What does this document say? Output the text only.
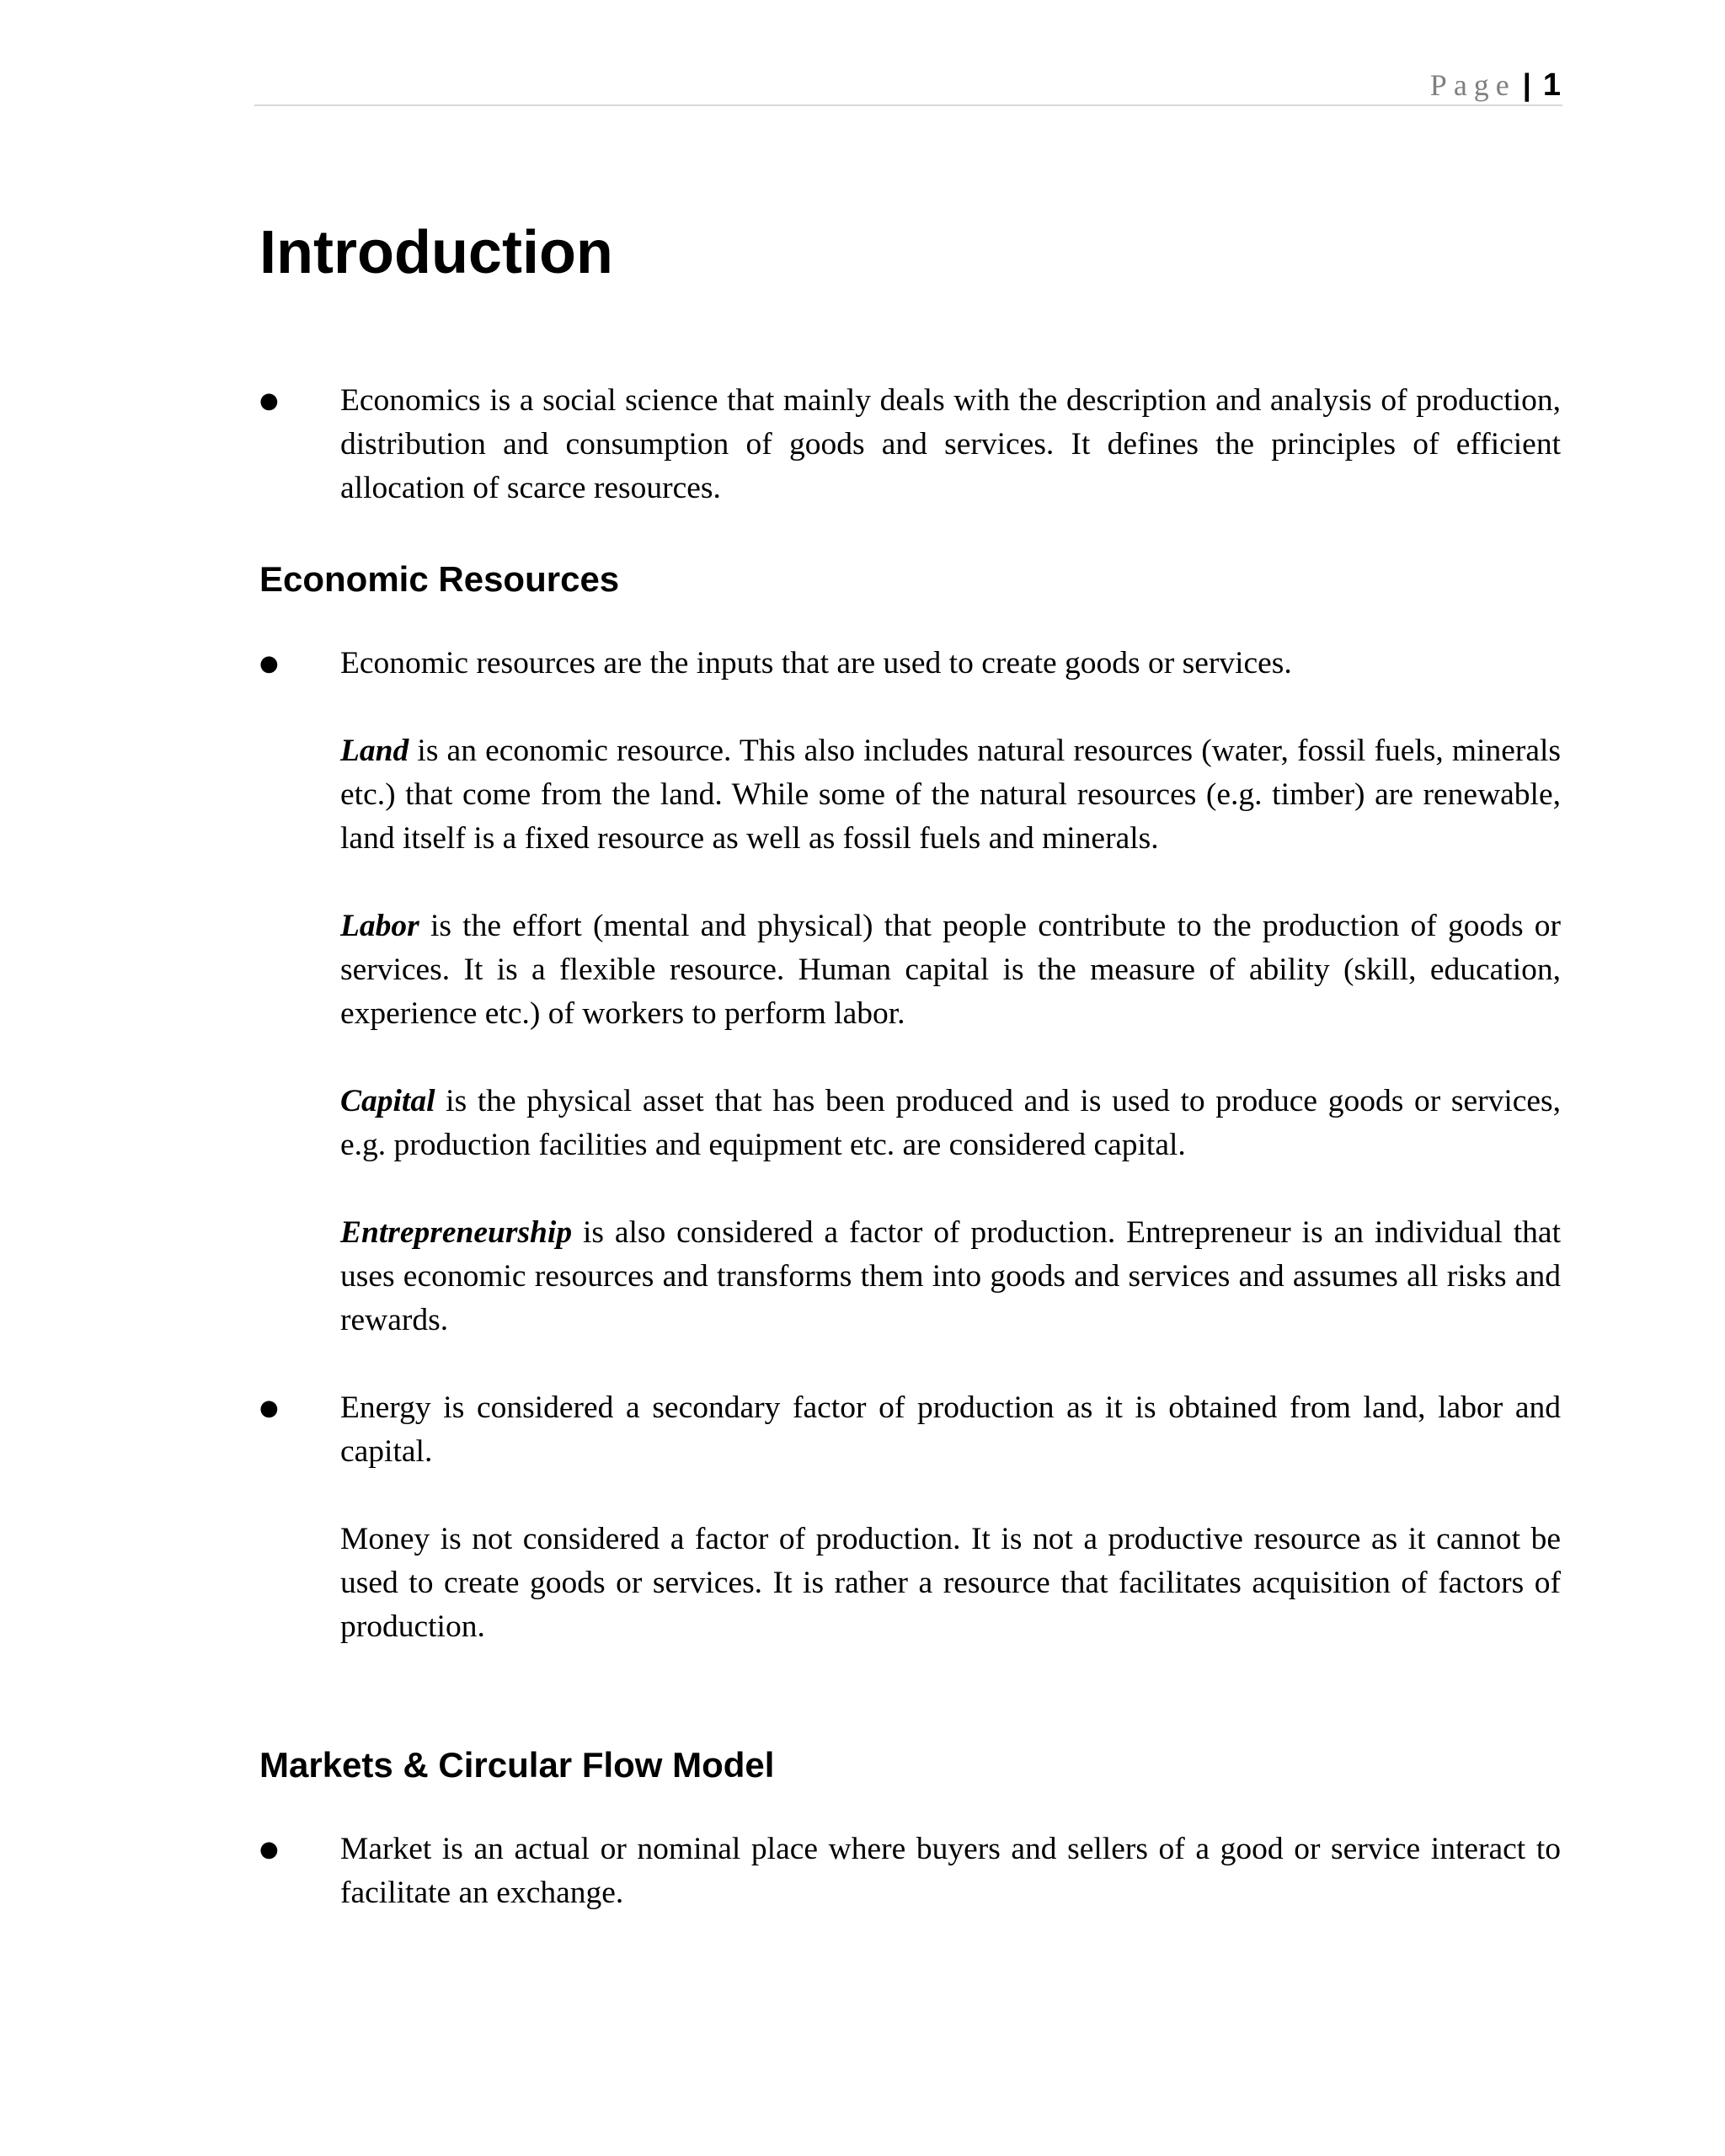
Page | 1
Introduction
● Economics is a social science that mainly deals with the description and analysis of production, distribution and consumption of goods and services. It defines the principles of efficient allocation of scarce resources.

Economic Resources
● Economic resources are the inputs that are used to create goods or services.

Land is an economic resource. This also includes natural resources (water, fossil fuels, minerals etc.) that come from the land. While some of the natural resources (e.g. timber) are renewable, land itself is a fixed resource as well as fossil fuels and minerals.

Labor is the effort (mental and physical) that people contribute to the production of goods or services. It is a flexible resource. Human capital is the measure of ability (skill, education, experience etc.) of workers to perform labor.

Capital is the physical asset that has been produced and is used to produce goods or services, e.g. production facilities and equipment etc. are considered capital.

Entrepreneurship is also considered a factor of production. Entrepreneur is an individual that uses economic resources and transforms them into goods and services and assumes all risks and rewards.

● Energy is considered a secondary factor of production as it is obtained from land, labor and capital.

Money is not considered a factor of production. It is not a productive resource as it cannot be used to create goods or services. It is rather a resource that facilitates acquisition of factors of production.

Markets & Circular Flow Model
● Market is an actual or nominal place where buyers and sellers of a good or service interact to facilitate an exchange.
